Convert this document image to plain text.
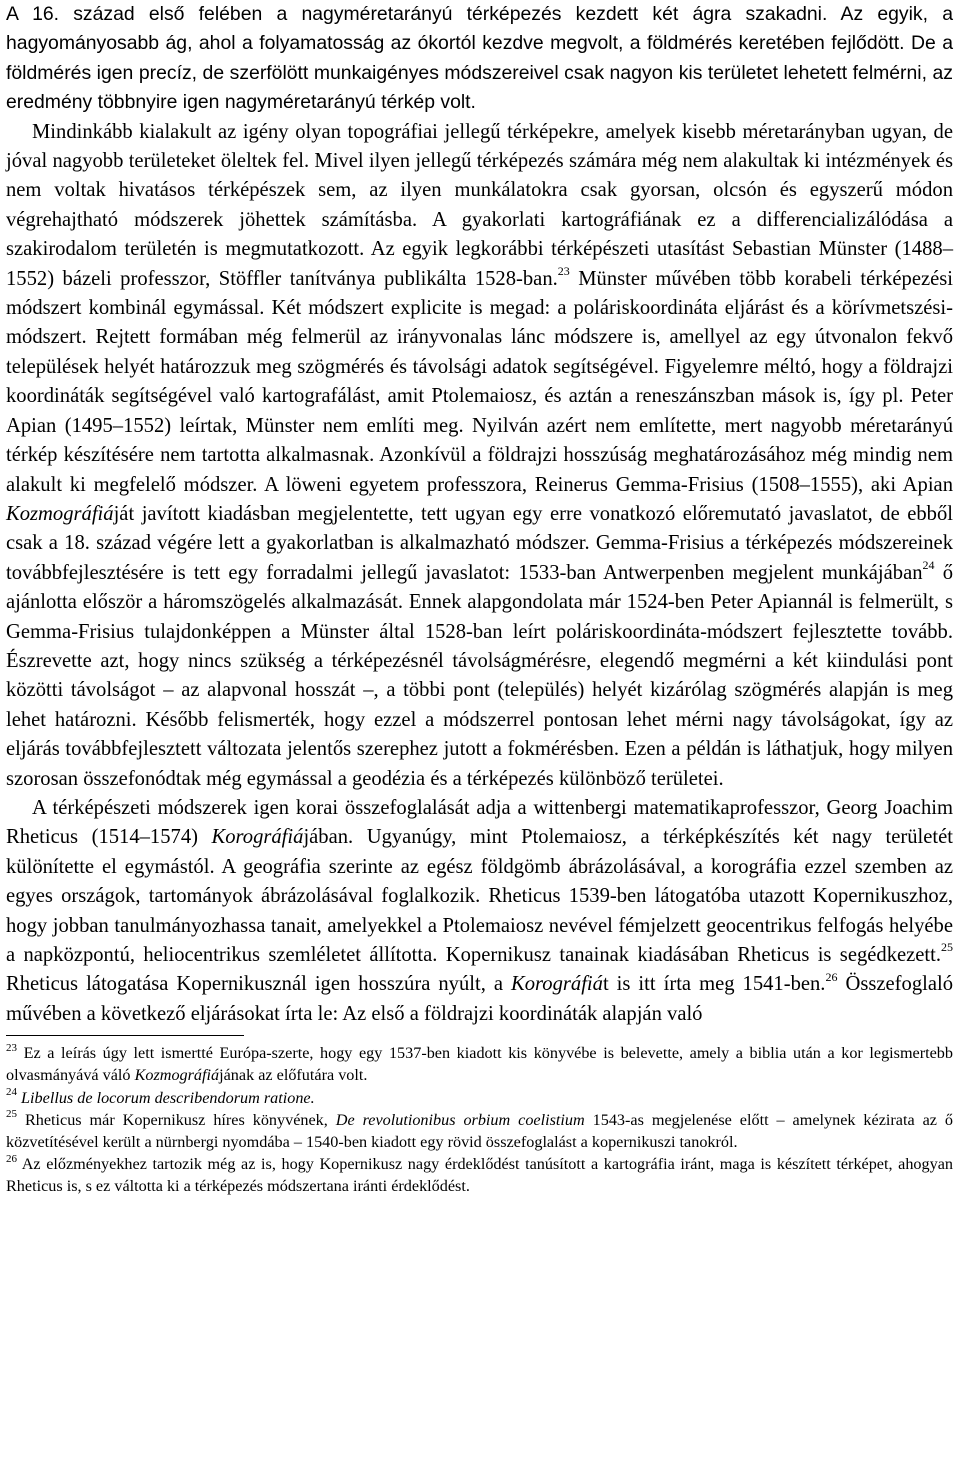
A 16. század első felében a nagyméretarányú térképezés kezdett két ágra szakadni. Az egyik, a hagyományosabb ág, ahol a folyamatosság az ókortól kezdve megvolt, a földmérés keretében fejlődött. De a földmérés igen precíz, de szerfölött munkaigényes módszereivel csak nagyon kis területet lehetett felmérni, az eredmény többnyire igen nagyméretarányú térkép volt.

Mindinkább kialakult az igény olyan topográfiai jellegű térképekre, amelyek kisebb méretarányban ugyan, de jóval nagyobb területeket öleltek fel. Mivel ilyen jellegű térképezés számára még nem alakultak ki intézmények és nem voltak hivatásos térképészek sem, az ilyen munkálatokra csak gyorsan, olcsón és egyszerű módon végrehajtható módszerek jöhettek számításba. A gyakorlati kartográfiának ez a differencializálódása a szakirodalom területén is megmutatkozott. Az egyik legkorábbi térképészeti utasítást Sebastian Münster (1488–1552) bázeli professzor, Stöffler tanítványa publikálta 1528-ban.$^{23}$ Münster művében több korabeli térképezési módszert kombinál egymással. Két módszert explicite is megad: a poláriskoordináta eljárást és a körívmetszési-módszert. Rejtett formában még felmerül az irányvonalas lánc módszere is, amellyel az egy útvonalon fekvő települések helyét határozzuk meg szögmérés és távolsági adatok segítségével. Figyelemre méltó, hogy a földrajzi koordináták segítségével való kartografálást, amit Ptolemaiosz, és aztán a reneszánszban mások is, így pl. Peter Apian (1495–1552) leírtak, Münster nem említi meg. Nyilván azért nem említette, mert nagyobb méretarányú térkép készítésére nem tartotta alkalmasnak. Azonkívül a földrajzi hosszúság meghatározásához még mindig nem alakult ki megfelelő módszer. A löweni egyetem professzora, Reinerus Gemma-Frisius (1508–1555), aki Apian Kozmográfiáját javított kiadásban megjelentette, tett ugyan egy erre vonatkozó előremutató javaslatot, de ebből csak a 18. század végére lett a gyakorlatban is alkalmazható módszer. Gemma-Frisius a térképezés módszereinek továbbfejlesztésére is tett egy forradalmi jellegű javaslatot: 1533-ban Antwerpenben megjelent munkájában$^{24}$ ő ajánlotta először a háromszögelés alkalmazását. Ennek alapgondolata már 1524-ben Peter Apiannál is felmerült, s Gemma-Frisius tulajdonképpen a Münster által 1528-ban leírt poláriskoordináta-módszert fejlesztette tovább. Észrevette azt, hogy nincs szükség a térképezésnél távolságmérésre, elegendő megmérni a két kiindulási pont közötti távolságot – az alapvonal hosszát –, a többi pont (település) helyét kizárólag szögmérés alapján is meg lehet határozni. Később felismerték, hogy ezzel a módszerrel pontosan lehet mérni nagy távolságokat, így az eljárás továbbfejlesztett változata jelentős szerephez jutott a fokmérésben. Ezen a példán is láthatjuk, hogy milyen szorosan összefonódtak még egymással a geodézia és a térképezés különböző területei.

A térképészeti módszerek igen korai összefoglalását adja a wittenbergi matematikaprofesszor, Georg Joachim Rheticus (1514–1574) Korográfiájában. Ugyanúgy, mint Ptolemaiosz, a térképkészítés két nagy területét különítette el egymástól. A geográfia szerinte az egész földgömb ábrázolásával, a korográfia ezzel szemben az egyes országok, tartományok ábrázolásával foglalkozik. Rheticus 1539-ben látogatóba utazott Kopernikuszhoz, hogy jobban tanulmányozhassa tanait, amelyekkel a Ptolemaiosz nevével fémjelzett geocentrikus felfogás helyébe a napközpontú, heliocentrikus szemléletet állította. Kopernikusz tanainak kiadásában Rheticus is segédkezett.$^{25}$ Rheticus látogatása Kopernikusznál igen hosszúra nyúlt, a Korográfiát is itt írta meg 1541-ben.$^{26}$ Összefoglaló művében a következő eljárásokat írta le: Az első a földrajzi koordináták alapján való

$^{23}$ Ez a leírás úgy lett ismertté Európa-szerte, hogy egy 1537-ben kiadott kis könyvébe is belevette, amely a biblia után a kor legismertebb olvasmányává váló Kozmográfiájának az előfutára volt.

$^{24}$ Libellus de locorum describendorum ratione.

$^{25}$ Rheticus már Kopernikusz híres könyvének, De revolutionibus orbium coelistium 1543-as megjelenése előtt – amelynek kézirata az ő közvetítésével került a nürnbergi nyomdába – 1540-ben kiadott egy rövid összefoglalást a kopernikuszi tanokról.

$^{26}$ Az előzményekhez tartozik még az is, hogy Kopernikusz nagy érdeklődést tanúsított a kartográfia iránt, maga is készített térképet, ahogyan Rheticus is, s ez váltotta ki a térképezés módszertana iránti érdeklődést.
